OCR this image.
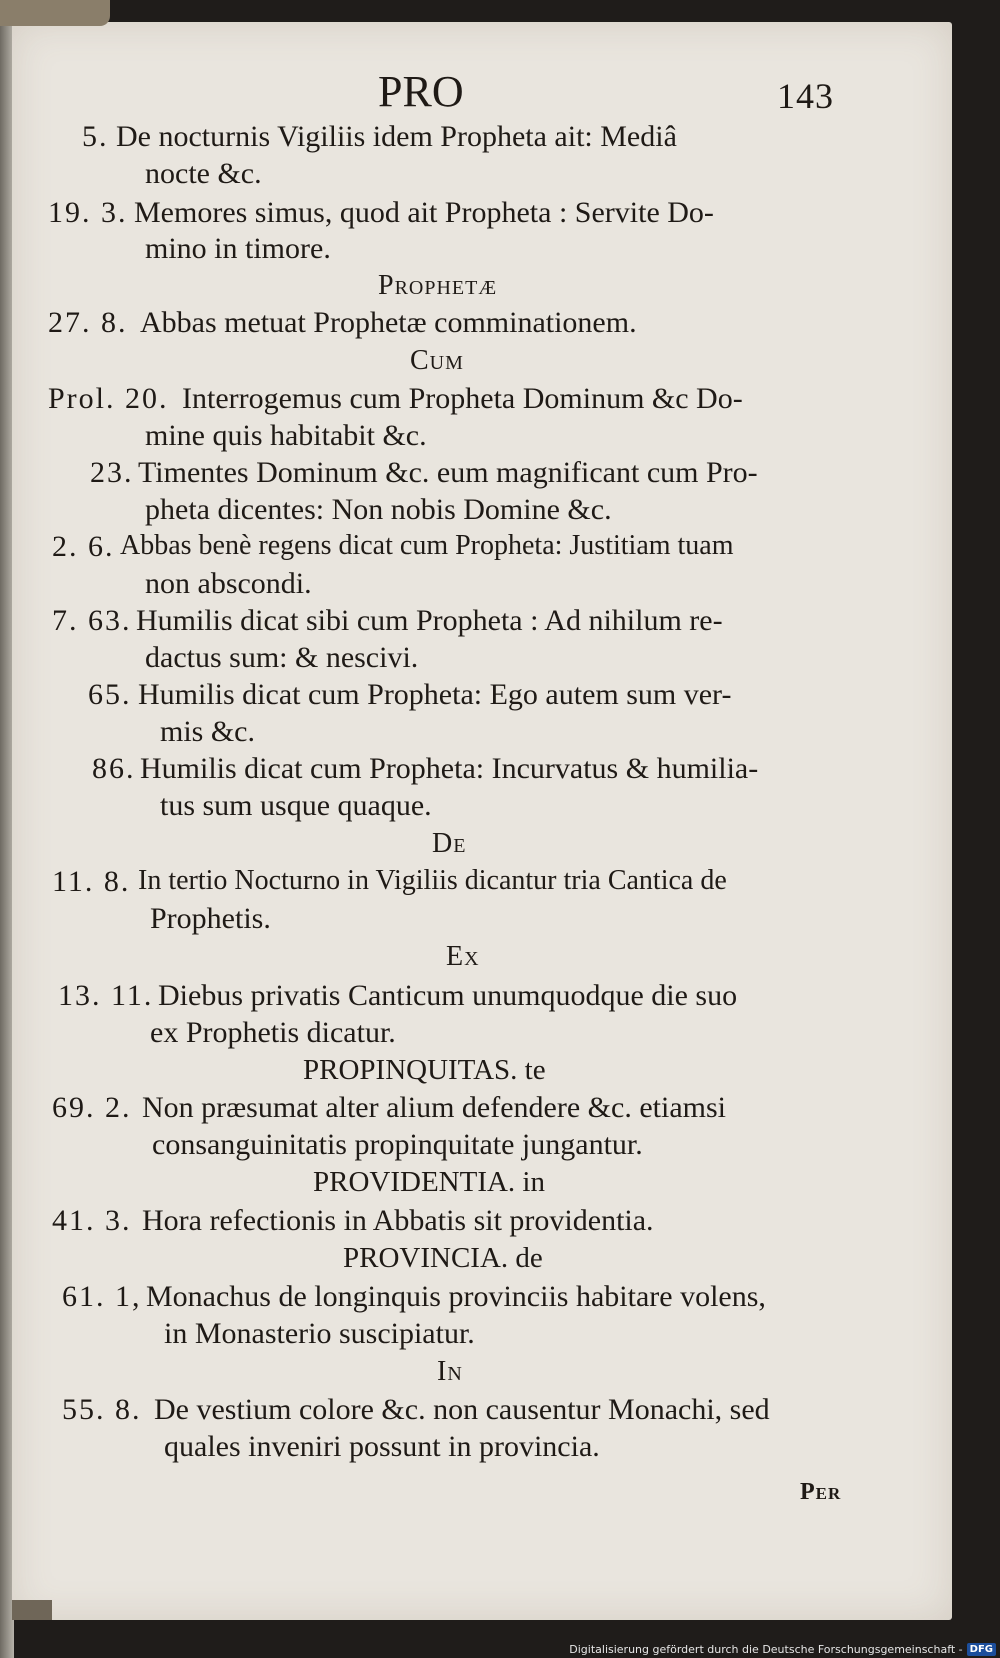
PRO	143
5. De nocturnis Vigiliis idem Propheta ait: Mediâ
nocte &c.
19. 3. Memores simus, quod ait Propheta : Servite Do-
mino in timore.
Prophetæ
27. 8. Abbas metuat Prophetæ comminationem.
Cum
Prol. 20. Interrogemus cum Propheta Dominum &c Do-
mine quis habitabit &c.
23. Timentes Dominum &c. eum magnificant cum Pro-
pheta dicentes: Non nobis Domine &c.
2. 6. Abbas benè regens dicat cum Propheta: Justitiam tuam
non abscondi.
7. 63. Humilis dicat sibi cum Propheta : Ad nihilum re-
dactus sum: & nescivi.
65. Humilis dicat cum Propheta: Ego autem sum ver-
mis &c.
86. Humilis dicat cum Propheta: Incurvatus & humilia-
tus sum usque quaque.
De
11. 8. In tertio Nocturno in Vigiliis dicantur tria Cantica de
Prophetis.
Ex
13. 11. Diebus privatis Canticum unumquodque die suo
ex Prophetis dicatur.
PROPINQUITAS. te
69. 2. Non præsumat alter alium defendere &c. etiamsi
consanguinitatis propinquitate jungantur.
PROVIDENTIA. in
41. 3. Hora refectionis in Abbatis sit providentia.
PROVINCIA. de
61. 1, Monachus de longinquis provinciis habitare volens,
in Monasterio suscipiatur.
In
55. 8. De vestium colore &c. non causentur Monachi, sed
quales inveniri possunt in provincia.
Per
Digitalisierung gefördert durch die Deutsche Forschungsgemeinschaft - DFG
